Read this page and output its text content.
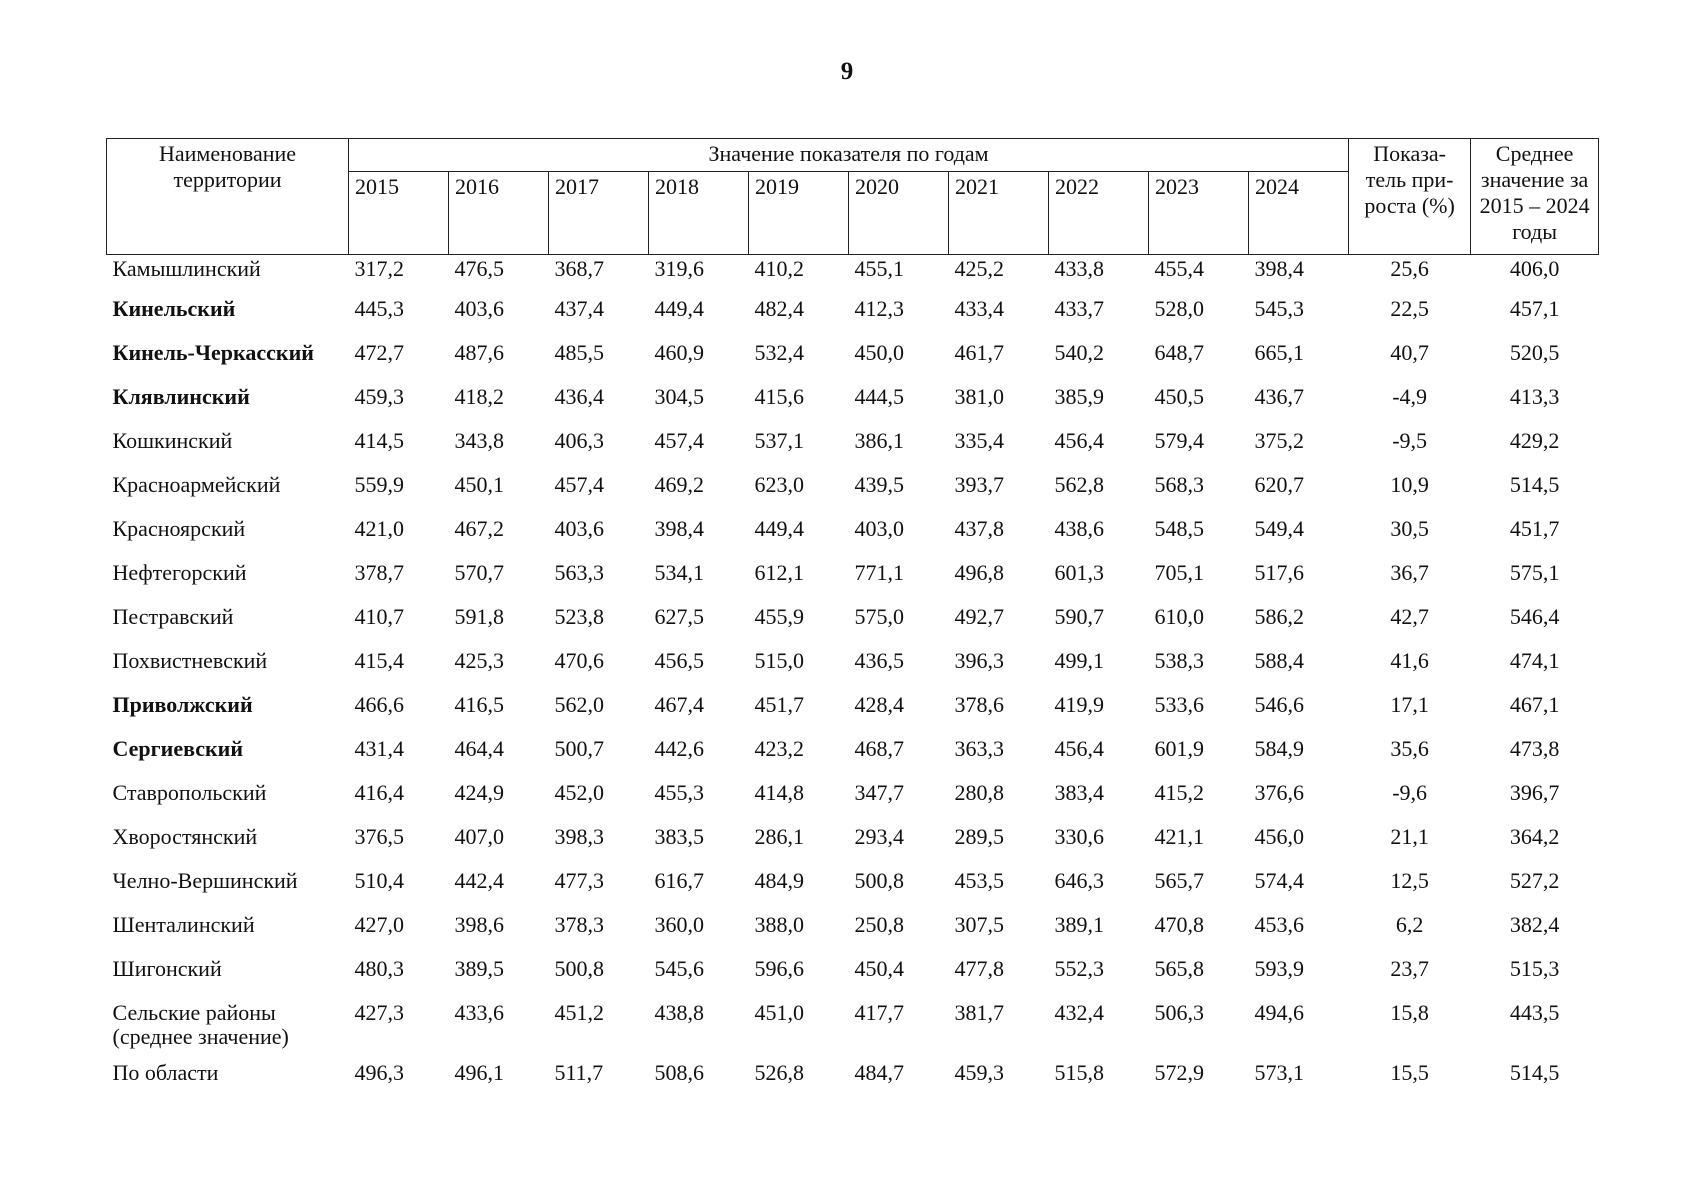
9
Наименование территории	Значение показателя по годам										Показа-тель при-роста (%)	Среднее значение за 2015 – 2024 годы
	2015	2016	2017	2018	2019	2020	2021	2022	2023	2024		
Камышлинский	317,2	476,5	368,7	319,6	410,2	455,1	425,2	433,8	455,4	398,4	25,6	406,0
Кинельский	445,3	403,6	437,4	449,4	482,4	412,3	433,4	433,7	528,0	545,3	22,5	457,1
Кинель-Черкасский	472,7	487,6	485,5	460,9	532,4	450,0	461,7	540,2	648,7	665,1	40,7	520,5
Клявлинский	459,3	418,2	436,4	304,5	415,6	444,5	381,0	385,9	450,5	436,7	-4,9	413,3
Кошкинский	414,5	343,8	406,3	457,4	537,1	386,1	335,4	456,4	579,4	375,2	-9,5	429,2
Красноармейский	559,9	450,1	457,4	469,2	623,0	439,5	393,7	562,8	568,3	620,7	10,9	514,5
Красноярский	421,0	467,2	403,6	398,4	449,4	403,0	437,8	438,6	548,5	549,4	30,5	451,7
Нефтегорский	378,7	570,7	563,3	534,1	612,1	771,1	496,8	601,3	705,1	517,6	36,7	575,1
Пестравский	410,7	591,8	523,8	627,5	455,9	575,0	492,7	590,7	610,0	586,2	42,7	546,4
Похвистневский	415,4	425,3	470,6	456,5	515,0	436,5	396,3	499,1	538,3	588,4	41,6	474,1
Приволжский	466,6	416,5	562,0	467,4	451,7	428,4	378,6	419,9	533,6	546,6	17,1	467,1
Сергиевский	431,4	464,4	500,7	442,6	423,2	468,7	363,3	456,4	601,9	584,9	35,6	473,8
Ставропольский	416,4	424,9	452,0	455,3	414,8	347,7	280,8	383,4	415,2	376,6	-9,6	396,7
Хворостянский	376,5	407,0	398,3	383,5	286,1	293,4	289,5	330,6	421,1	456,0	21,1	364,2
Челно-Вершинский	510,4	442,4	477,3	616,7	484,9	500,8	453,5	646,3	565,7	574,4	12,5	527,2
Шенталинский	427,0	398,6	378,3	360,0	388,0	250,8	307,5	389,1	470,8	453,6	6,2	382,4
Шигонский	480,3	389,5	500,8	545,6	596,6	450,4	477,8	552,3	565,8	593,9	23,7	515,3
Сельские районы (среднее значение)	427,3	433,6	451,2	438,8	451,0	417,7	381,7	432,4	506,3	494,6	15,8	443,5
По области	496,3	496,1	511,7	508,6	526,8	484,7	459,3	515,8	572,9	573,1	15,5	514,5
